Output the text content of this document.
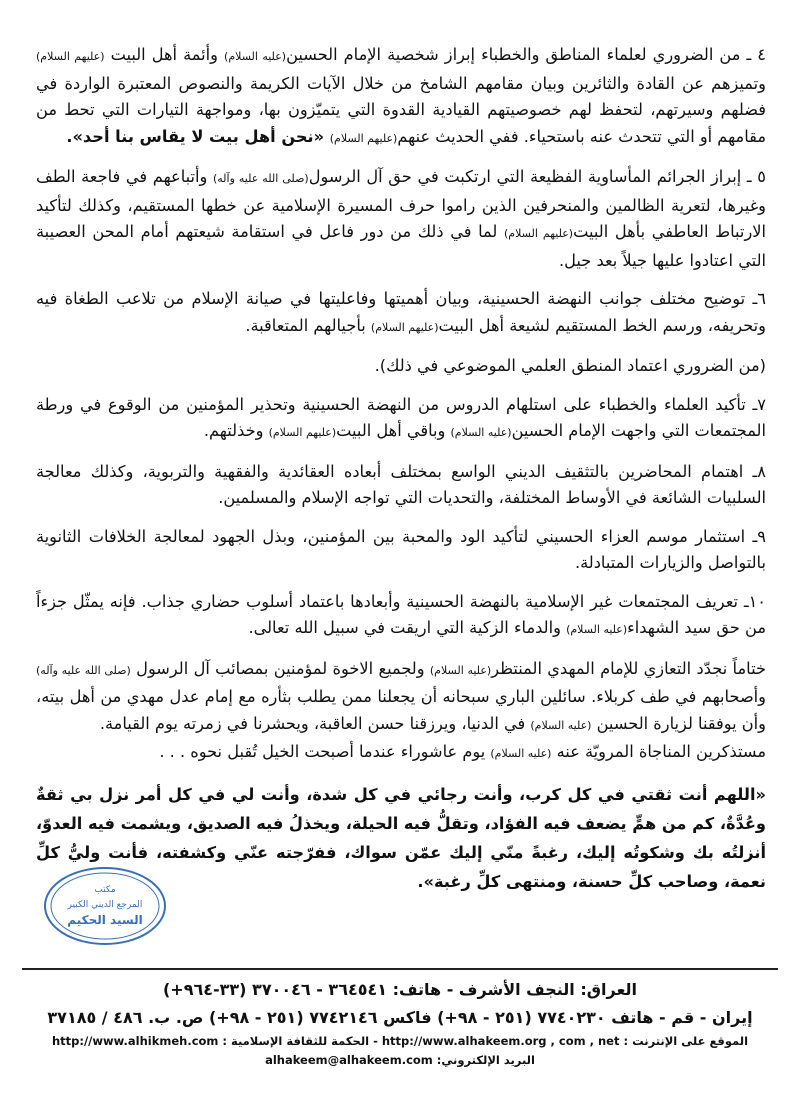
٤ ـ من الضروري لعلماء المناطق والخطباء إبراز شخصية الإمام الحسين(عليه السلام) وأئمة أهل البيت (عليهم السلام) وتميزهم عن القادة والثائرين وبيان مقامهم الشامخ من خلال الآيات الكريمة والنصوص المعتبرة الواردة في فضلهم وسيرتهم، لتحفظ لهم خصوصيتهم القيادية القدوة التي يتميّزون بها، ومواجهة التيارات التي تحط من مقامهم أو التي تتحدث عنه باستحياء. ففي الحديث عنهم(عليهم السلام) «نحن أهل بيت لا يقاس بنا أحد».

٥ ـ إبراز الجرائم المأساوية الفظيعة التي ارتكبت في حق آل الرسول(صلى الله عليه وآله) وأتباعهم في فاجعة الطف وغيرها، لتعرية الظالمين والمنحرفين الذين راموا حرف المسيرة الإسلامية عن خطها المستقيم، وكذلك لتأكيد الارتباط العاطفي بأهل البيت(عليهم السلام) لما في ذلك من دور فاعل في استقامة شيعتهم أمام المحن العصيبة التي اعتادوا عليها جيلاً بعد جيل.

٦ـ توضيح مختلف جوانب النهضة الحسينية، وبيان أهميتها وفاعليتها في صيانة الإسلام من تلاعب الطغاة فيه وتحريفه، ورسم الخط المستقيم لشيعة أهل البيت(عليهم السلام) بأجيالهم المتعاقبة.

(من الضروري اعتماد المنطق العلمي الموضوعي في ذلك).

٧ـ تأكيد العلماء والخطباء على استلهام الدروس من النهضة الحسينية وتحذير المؤمنين من الوقوع في ورطة المجتمعات التي واجهت الإمام الحسين(عليه السلام) وباقي أهل البيت(عليهم السلام) وخذلتهم.

٨ـ اهتمام المحاضرين بالتثقيف الديني الواسع بمختلف أبعاده العقائدية والفقهية والتربوية، وكذلك معالجة السلبيات الشائعة في الأوساط المختلفة، والتحديات التي تواجه الإسلام والمسلمين.

٩ـ استثمار موسم العزاء الحسيني لتأكيد الود والمحبة بين المؤمنين، وبذل الجهود لمعالجة الخلافات الثانوية بالتواصل والزيارات المتبادلة.

١٠ـ تعريف المجتمعات غير الإسلامية بالنهضة الحسينية وأبعادها باعتماد أسلوب حضاري جذاب. فإنه يمثّل جزءاً من حق سيد الشهداء(عليه السلام) والدماء الزكية التي اريقت في سبيل الله تعالى.

ختاماً نجدّد التعازي للإمام المهدي المنتظر(عليه السلام) ولجميع الاخوة لمؤمنين بمصائب آل الرسول (صلى الله عليه وآله) وأصحابهم في طف كربلاء. سائلين الباري سبحانه أن يجعلنا ممن يطلب بثأره مع إمام عدل مهدي من أهل بيته، وأن يوفقنا لزيارة الحسين (عليه السلام) في الدنيا، ويرزقنا حسن العاقبة، ويحشرنا في زمرته يوم القيامة.

مستذكرين المناجاة المرويّة عنه (عليه السلام) يوم عاشوراء عندما أصبحت الخيل تُقبل نحوه . . .

«اللهم أنت ثقتي في كل كرب، وأنت رجائي في كل شدة، وأنت لي في كل أمر نزل بي ثقةٌ وعُدَّةٌ، كم من همٍّ يضعف فيه الفؤاد، وتقلُّ فيه الحيلة، ويخذلُ فيه الصديق، ويشمت فيه العدوّ، أنزلتُه بك وشكوتُه إليك، رغبةً منّي إليك عمّن سواك، ففرّجته عنّي وكشفته، فأنت وليُّ كلِّ نعمة، وصاحب كلِّ حسنة، ومنتهى كلِّ رغبة».

مكتب
المرجع الديني الكبير
السيد الحكيم
العراق: النجف الأشرف - هاتف: ٣٦٤٥٤١ - ٣٧٠٠٤٦ (٣٣-٩٦٤+)
إيران - قم - هاتف ٧٧٤٠٢٣٠ (٢٥١ - ٩٨+) فاكس ٧٧٤٢١٤٦ (٢٥١ - ٩٨+) ص. ب. ٤٨٦ / ٣٧١٨٥
الموقع على الإنترنت : http://www.alhakeem.org , com , net - الحكمة للثقافة الإسلامية : http://www.alhikmeh.com
البريد الإلكتروني: alhakeem@alhakeem.com
